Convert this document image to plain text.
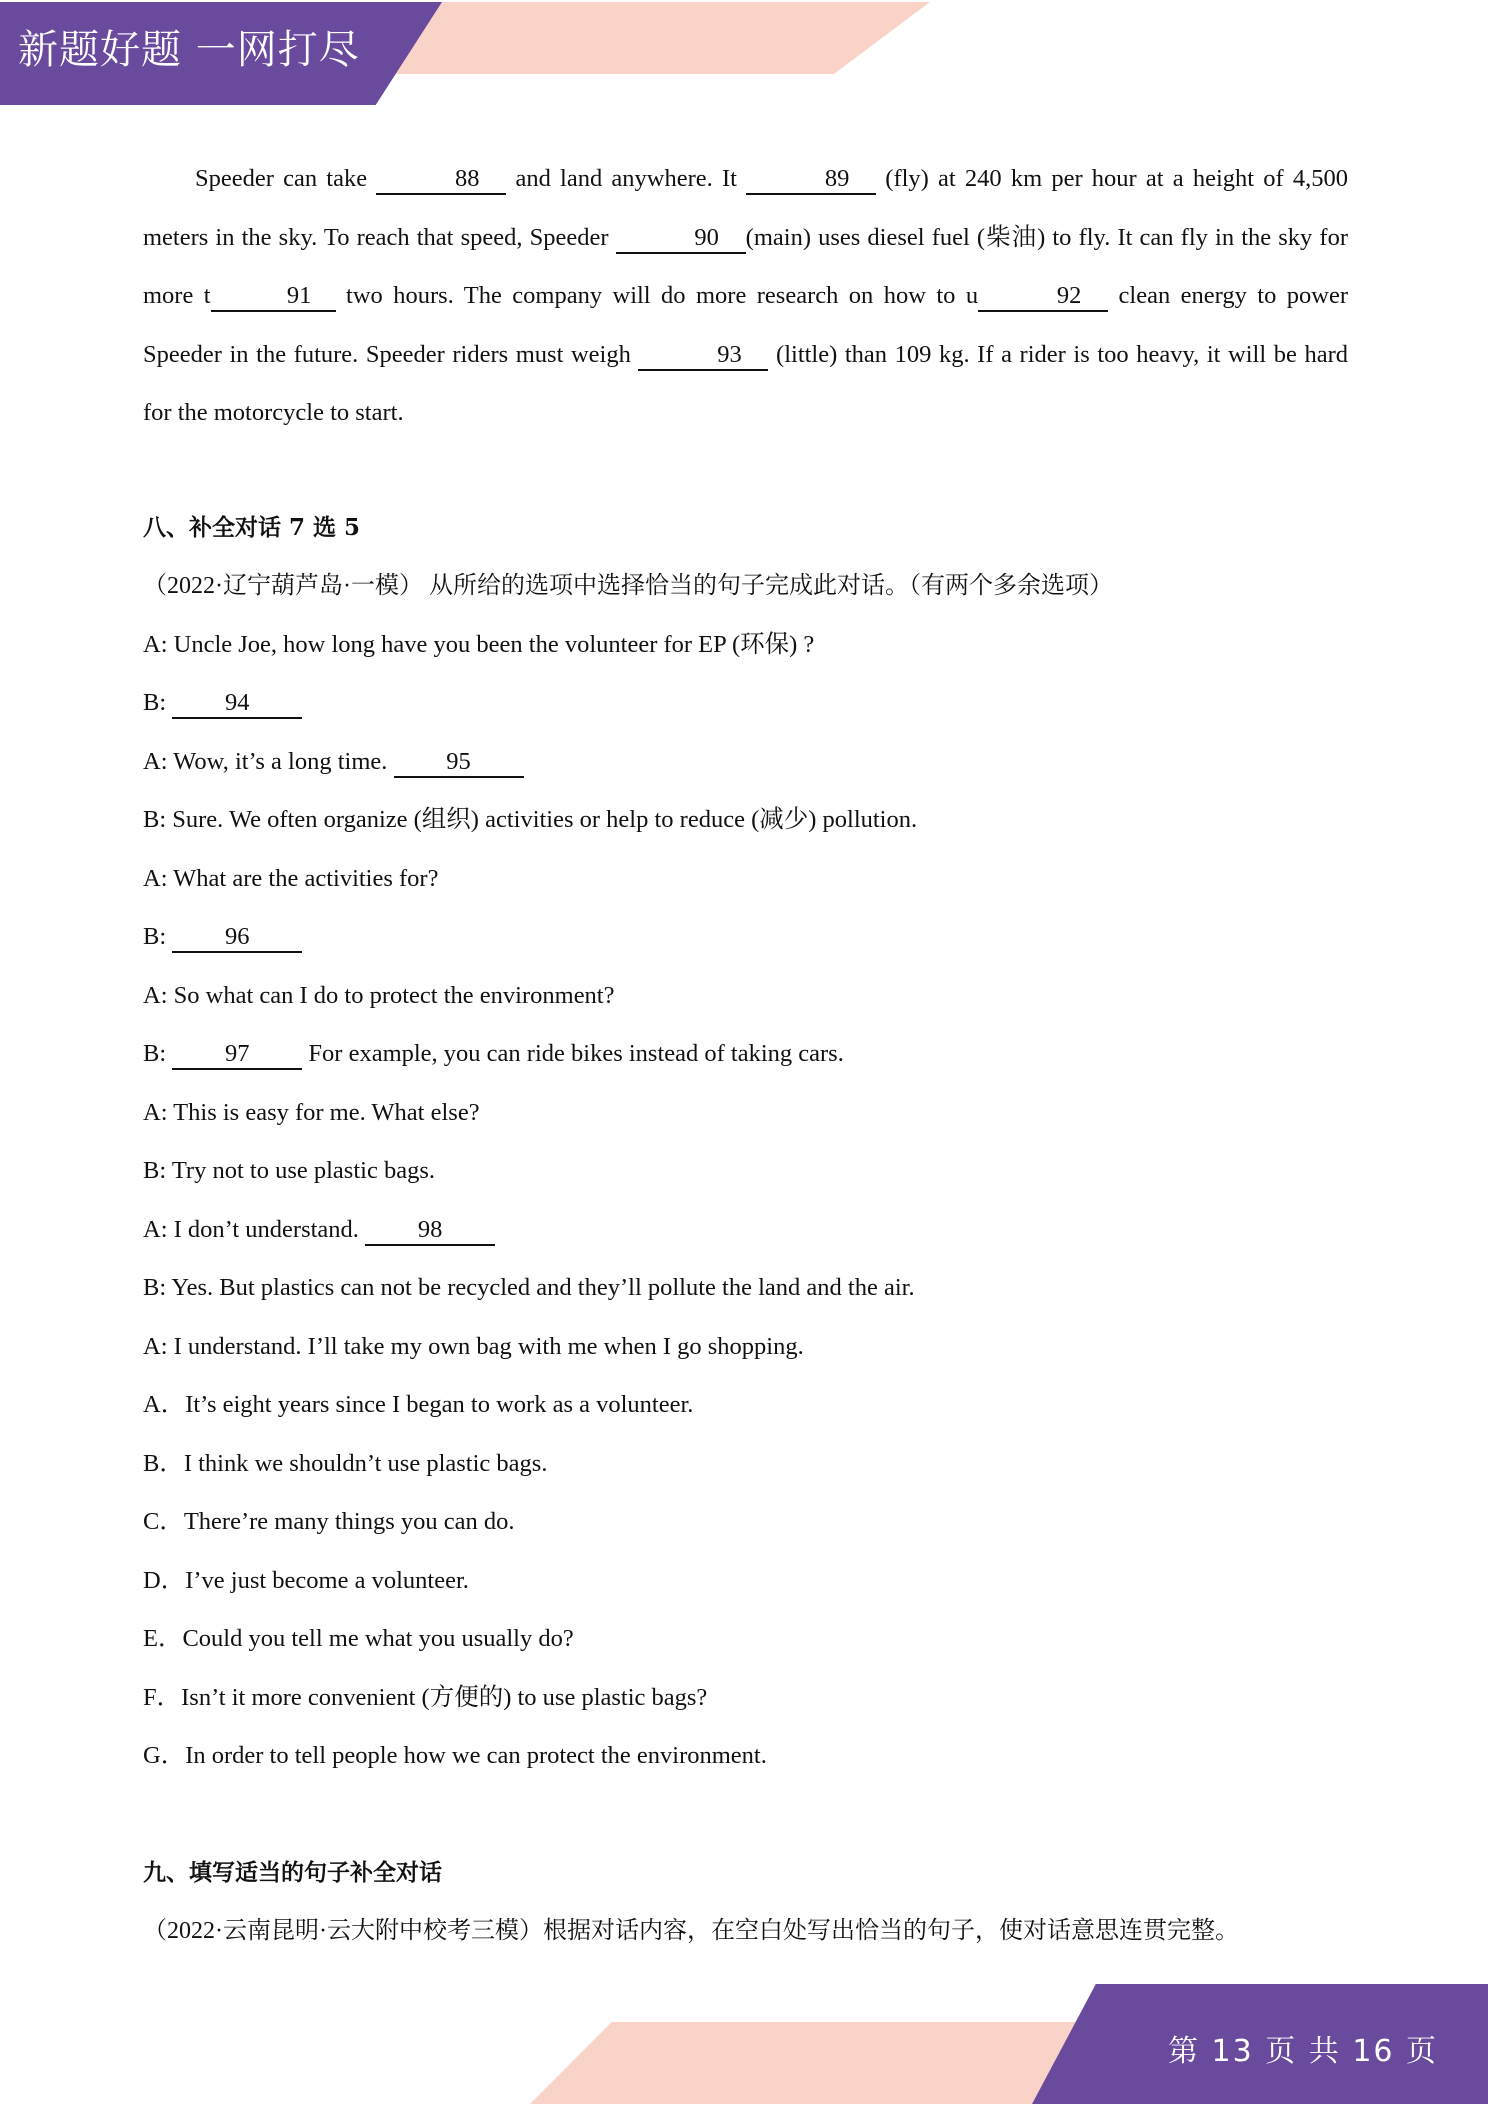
新题好题 一网打尽

Speeder can take	88 and land anywhere. It	89 (fly) at 240 km per hour at a height of 4,500 meters in the sky. To reach that speed, Speeder	90 (main) uses diesel fuel (柴油) to fly. It can fly in the sky for more t	91 two hours. The company will do more research on how to u	92 clean energy to power Speeder in the future. Speeder riders must weigh	93 (little) than 109 kg. If a rider is too heavy, it will be hard for the motorcycle to start.

八、补全对话 7 选 5
（2022·辽宁葫芦岛·一模） 从所给的选项中选择恰当的句子完成此对话。（有两个多余选项）
A: Uncle Joe, how long have you been the volunteer for EP (环保) ?
B: 94
A: Wow, it’s a long time. 95
B: Sure. We often organize (组织) activities or help to reduce (减少) pollution.
A: What are the activities for?
B: 96
A: So what can I do to protect the environment?
B: 97 For example, you can ride bikes instead of taking cars.
A: This is easy for me. What else?
B: Try not to use plastic bags.
A: I don’t understand. 98
B: Yes. But plastics can not be recycled and they’ll pollute the land and the air.
A: I understand. I’ll take my own bag with me when I go shopping.
A．It’s eight years since I began to work as a volunteer.
B．I think we shouldn’t use plastic bags.
C．There’re many things you can do.
D．I’ve just become a volunteer.
E．Could you tell me what you usually do?
F．Isn’t it more convenient (方便的) to use plastic bags?
G．In order to tell people how we can protect the environment.
九、填写适当的句子补全对话
（2022·云南昆明·云大附中校考三模）根据对话内容，在空白处写出恰当的句子，使对话意思连贯完整。
第 13 页 共 16 页
